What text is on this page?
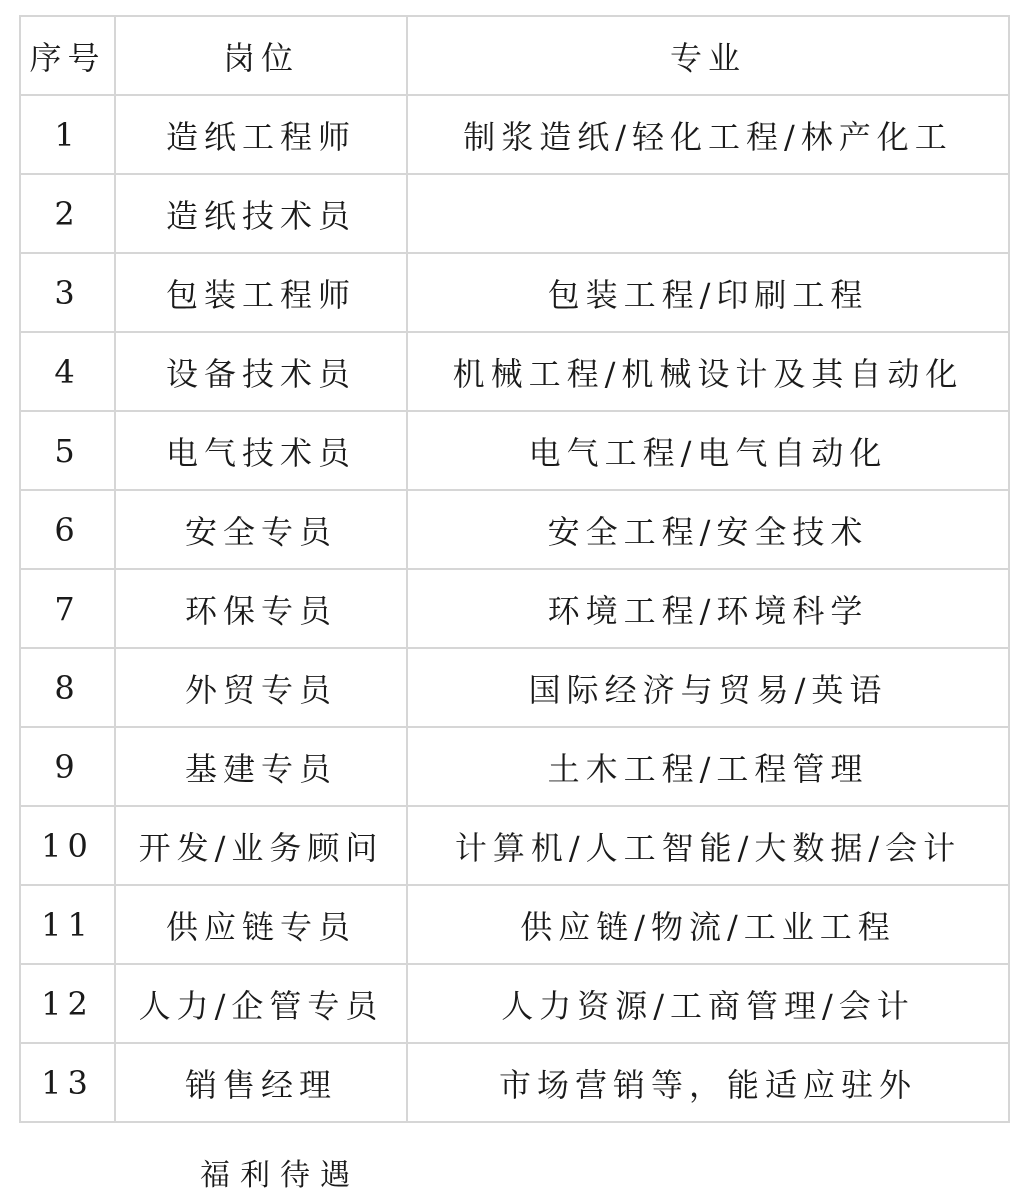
序号	岗位	专业
1	造纸工程师	制浆造纸/轻化工程/林产化工
2	造纸技术员	
3	包装工程师	包装工程/印刷工程
4	设备技术员	机械工程/机械设计及其自动化
5	电气技术员	电气工程/电气自动化
6	安全专员	安全工程/安全技术
7	环保专员	环境工程/环境科学
8	外贸专员	国际经济与贸易/英语
9	基建专员	土木工程/工程管理
10	开发/业务顾问	计算机/人工智能/大数据/会计
11	供应链专员	供应链/物流/工业工程
12	人力/企管专员	人力资源/工商管理/会计
13	销售经理	市场营销等，能适应驻外
福利待遇
